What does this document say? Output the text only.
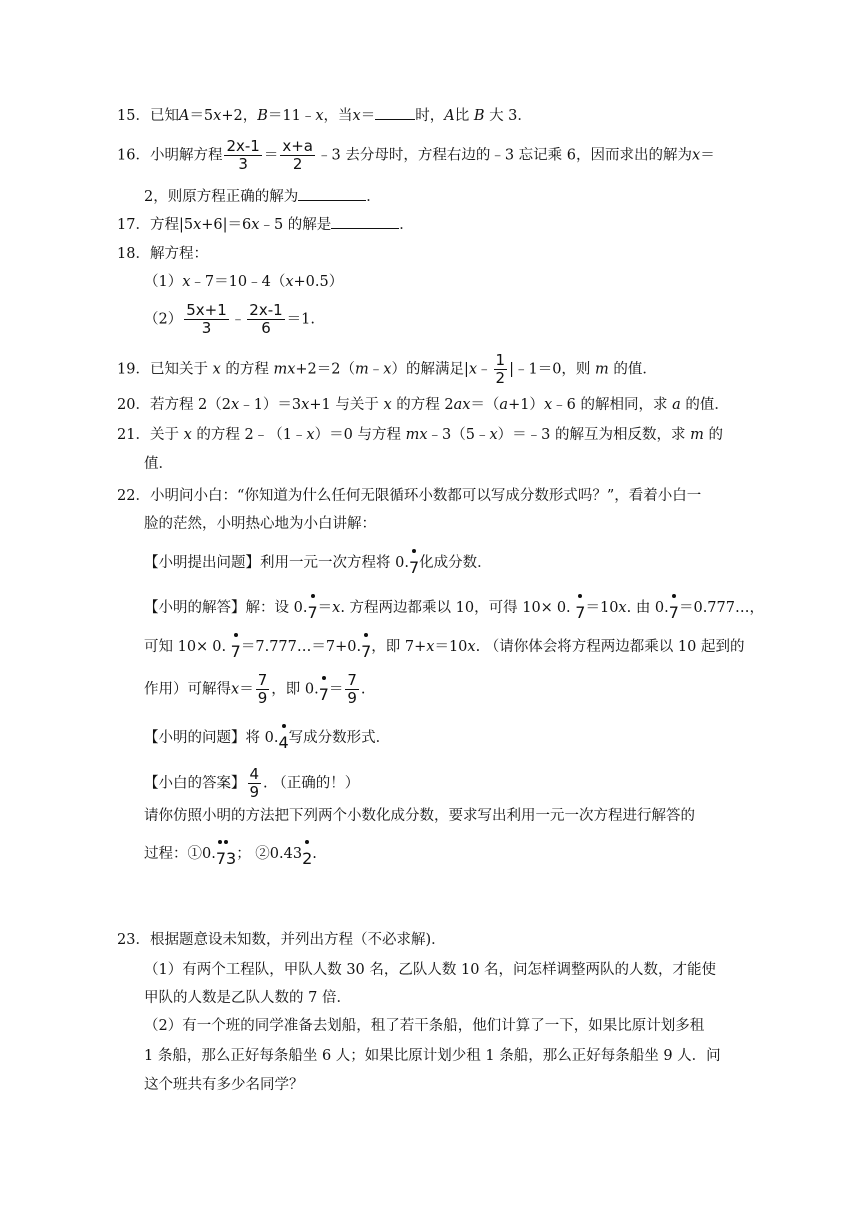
15．已知A＝5x+2，B＝11﹣x，当x＝	时，A比 B 大 3．
16．小明解方程 $\frac{2x-1}{3} = \frac{x+a}{2}$ ﹣3 去分母时，方程右边的﹣3 忘记乘 6，因而求出的解为x＝
2，则原方程正确的解为	．
17．方程|5x+6|＝6x﹣5 的解是	．
18．解方程：
（1）x﹣7＝10﹣4（x+0.5）
$(2) \frac{5x+1}{3}$ ﹣ $\frac{2x-1}{6} =1$.
19．已知关于 x 的方程 mx+2＝2（m﹣x）的解满足|x﹣ $\frac{1}{2}$ |﹣1＝0，则 m 的值．
20．若方程 2（2x﹣1）＝3x+1 与关于 x 的方程 2ax＝（a+1）x﹣6 的解相同，求 a 的值．
21．关于 x 的方程 2﹣（1﹣x）＝0 与方程 mx﹣3（5﹣x）＝﹣3 的解互为相反数，求 m 的
值．
22．小明问小白：“你知道为什么任何无限循环小数都可以写成分数形式吗？”，看着小白一
脸的茫然，小明热心地为小白讲解：
【小明提出问题】利用一元一次方程将 0.7化成分数．
【小明的解答】解：设 0.7＝x. 方程两边都乘以 10，可得 10× 0. 7＝10x. 由 0.7＝0.777…，
可知 10× 0. 7＝7.777…＝7+0.7，即 7+x＝10x. （请你体会将方程两边都乘以 10 起到的
作用）可解得$x= \frac{7}{9}$ ，即 $0.7= \frac{7}{9}$ .
【小明的问题】将 0.4写成分数形式．
【小白的答案】 $\frac{4}{9}$ . （正确的！）
请你仿照小明的方法把下列两个小数化成分数，要求写出利用一元一次方程进行解答的
过程：①0.
73； ②0.432.
23．根据题意设未知数，并列出方程（不必求解)．
（1）有两个工程队，甲队人数 30 名，乙队人数 10 名，问怎样调整两队的人数，才能使
甲队的人数是乙队人数的 7 倍．
（2）有一个班的同学准备去划船，租了若干条船，他们计算了一下，如果比原计划多租
1 条船，那么正好每条船坐 6 人；如果比原计划少租 1 条船，那么正好每条船坐 9 人．问
这个班共有多少名同学？
